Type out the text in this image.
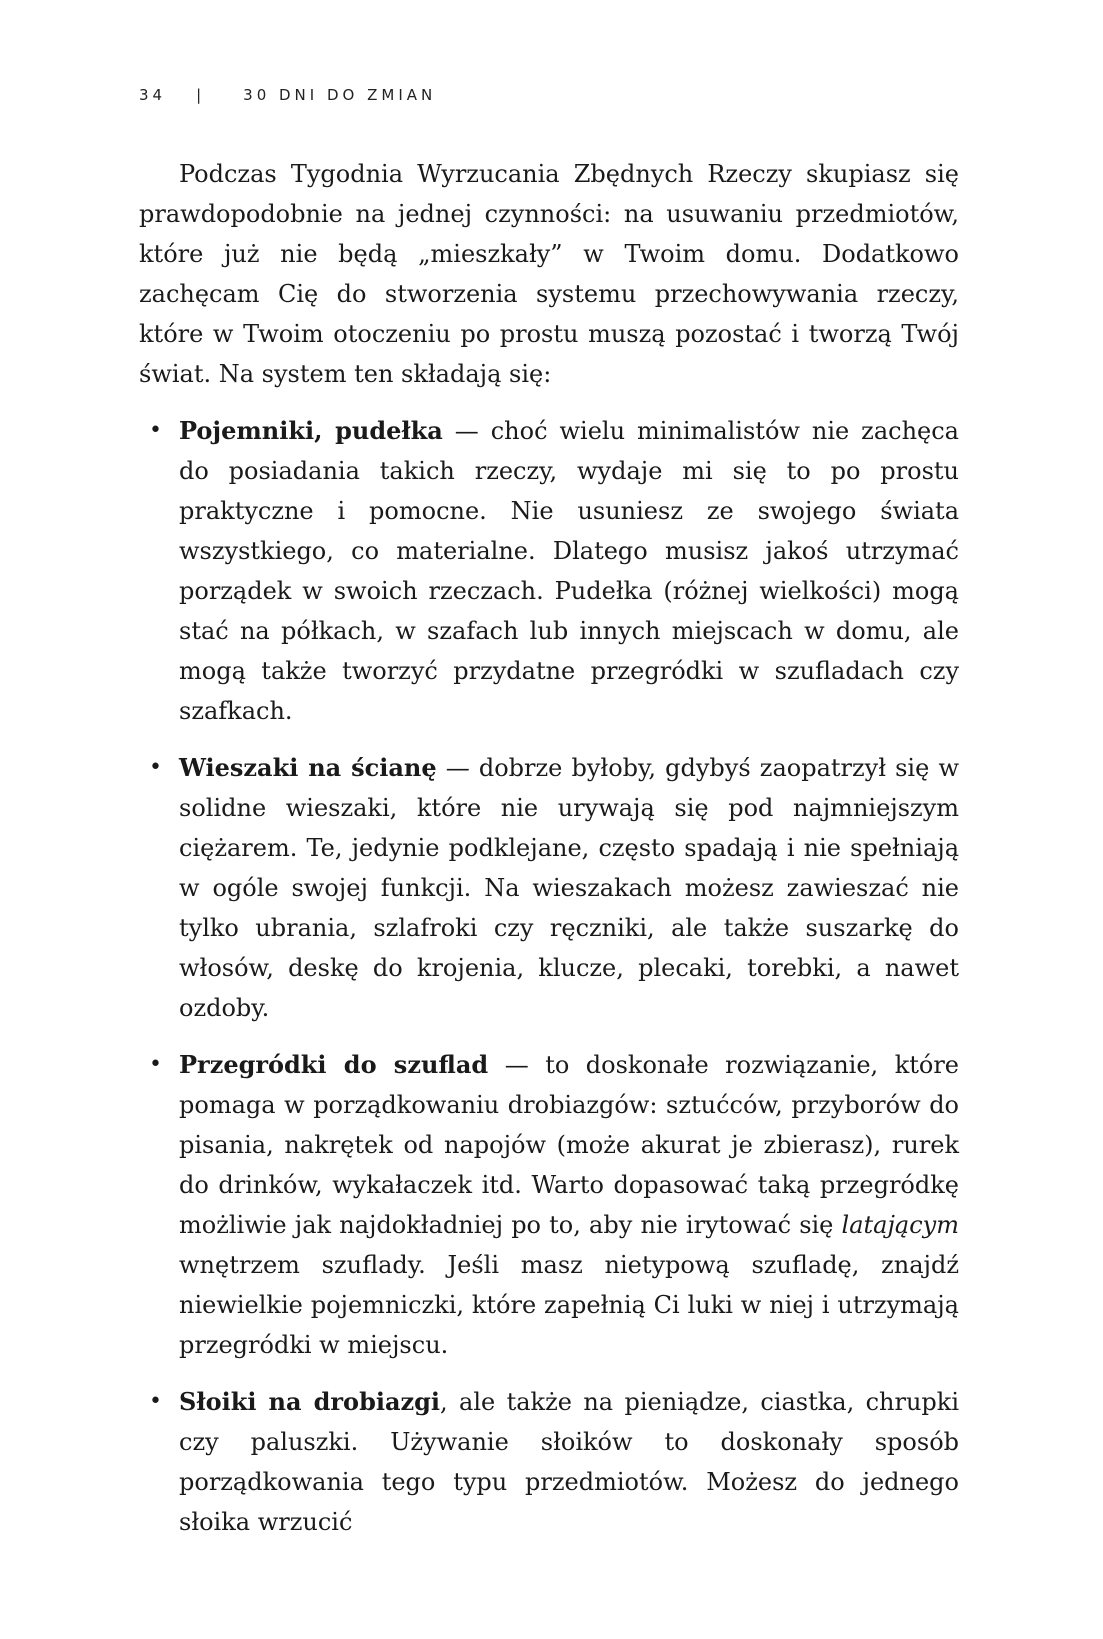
34 |	30 DNI DO ZMIAN

Podczas Tygodnia Wyrzucania Zbędnych Rzeczy skupiasz się prawdopodobnie na jednej czynności: na usuwaniu przedmiotów, które już nie będą „mieszkały” w Twoim domu. Dodatkowo zachęcam Cię do stworzenia systemu przechowywania rzeczy, które w Twoim otoczeniu po prostu muszą pozostać i tworzą Twój świat. Na system ten składają się:

• Pojemniki, pudełka — choć wielu minimalistów nie zachęca do posiadania takich rzeczy, wydaje mi się to po prostu praktyczne i pomocne. Nie usuniesz ze swojego świata wszystkiego, co materialne. Dlatego musisz jakoś utrzymać porządek w swoich rzeczach. Pudełka (różnej wielkości) mogą stać na półkach, w szafach lub innych miejscach w domu, ale mogą także tworzyć przydatne przegródki w szufladach czy szafkach.
• Wieszaki na ścianę — dobrze byłoby, gdybyś zaopatrzył się w solidne wieszaki, które nie urywają się pod najmniejszym ciężarem. Te, jedynie podklejane, często spadają i nie spełniają w ogóle swojej funkcji. Na wieszakach możesz zawieszać nie tylko ubrania, szlafroki czy ręczniki, ale także suszarkę do włosów, deskę do krojenia, klucze, plecaki, torebki, a nawet ozdoby.
• Przegródki do szuflad — to doskonałe rozwiązanie, które pomaga w porządkowaniu drobiazgów: sztućców, przyborów do pisania, nakrętek od napojów (może akurat je zbierasz), rurek do drinków, wykałaczek itd. Warto dopasować taką przegródkę możliwie jak najdokładniej po to, aby nie irytować się latającym wnętrzem szuflady. Jeśli masz nietypową szufladę, znajdź niewielkie pojemniczki, które zapełnią Ci luki w niej i utrzymają przegródki w miejscu.
• Słoiki na drobiazgi, ale także na pieniądze, ciastka, chrupki czy paluszki. Używanie słoików to doskonały sposób porządkowania tego typu przedmiotów. Możesz do jednego słoika wrzucić
